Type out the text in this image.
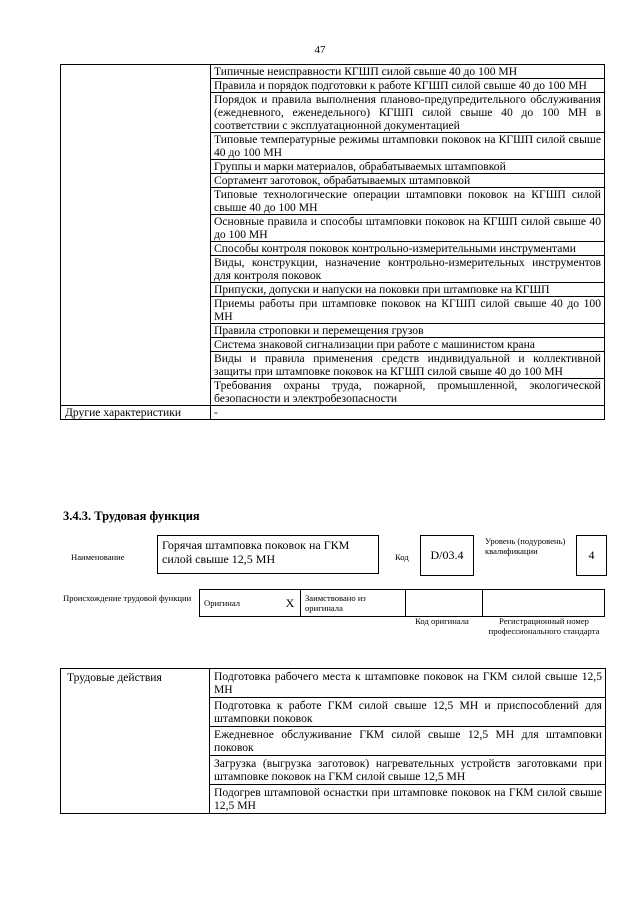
47
	Типичные неисправности КГШП силой свыше 40 до 100 МН
	Правила и порядок подготовки к работе КГШП силой свыше 40 до 100 МН
	Порядок и правила выполнения планово-предупредительного обслуживания (ежедневного, еженедельного) КГШП силой свыше 40 до 100 МН в соответствии с эксплуатационной документацией
	Типовые температурные режимы штамповки поковок на КГШП силой свыше 40 до 100 МН
	Группы и марки материалов, обрабатываемых штамповкой
	Сортамент заготовок, обрабатываемых штамповкой
	Типовые технологические операции штамповки поковок на КГШП силой свыше 40 до 100 МН
	Основные правила и способы штамповки поковок на КГШП силой свыше 40 до 100 МН
	Способы контроля поковок контрольно-измерительными инструментами
	Виды, конструкции, назначение контрольно-измерительных инструментов для контроля поковок
	Припуски, допуски и напуски на поковки при штамповке на КГШП
	Приемы работы при штамповке поковок на КГШП силой свыше 40 до 100 МН
	Правила строповки и перемещения грузов
	Система знаковой сигнализации при работе с машинистом крана
	Виды и правила применения средств индивидуальной и коллективной защиты при штамповке поковок на КГШП силой свыше 40 до 100 МН
	Требования охраны труда, пожарной, промышленной, экологической безопасности и электробезопасности
Другие характеристики	-
3.4.3. Трудовая функция
Наименование
Горячая штамповка поковок на ГКМ силой свыше 12,5 МН	Код	D/03.4
Уровень (подуровень) квалификации	4
Происхождение трудовой функции Оригинал	X	Заимствовано из оригинала		
Код оригинала	Регистрационный номер профессионального стандарта
Трудовые действия	Подготовка рабочего места к штамповке поковок на ГКМ силой свыше 12,5 МН
Подготовка к работе ГКМ силой свыше 12,5 МН и приспособлений для штамповки поковок
Ежедневное обслуживание ГКМ силой свыше 12,5 МН для штамповки поковок
Загрузка (выгрузка заготовок) нагревательных устройств заготовками при штамповке поковок на ГКМ силой свыше 12,5 МН
Подогрев штамповой оснастки при штамповке поковок на ГКМ силой свыше 12,5 МН
